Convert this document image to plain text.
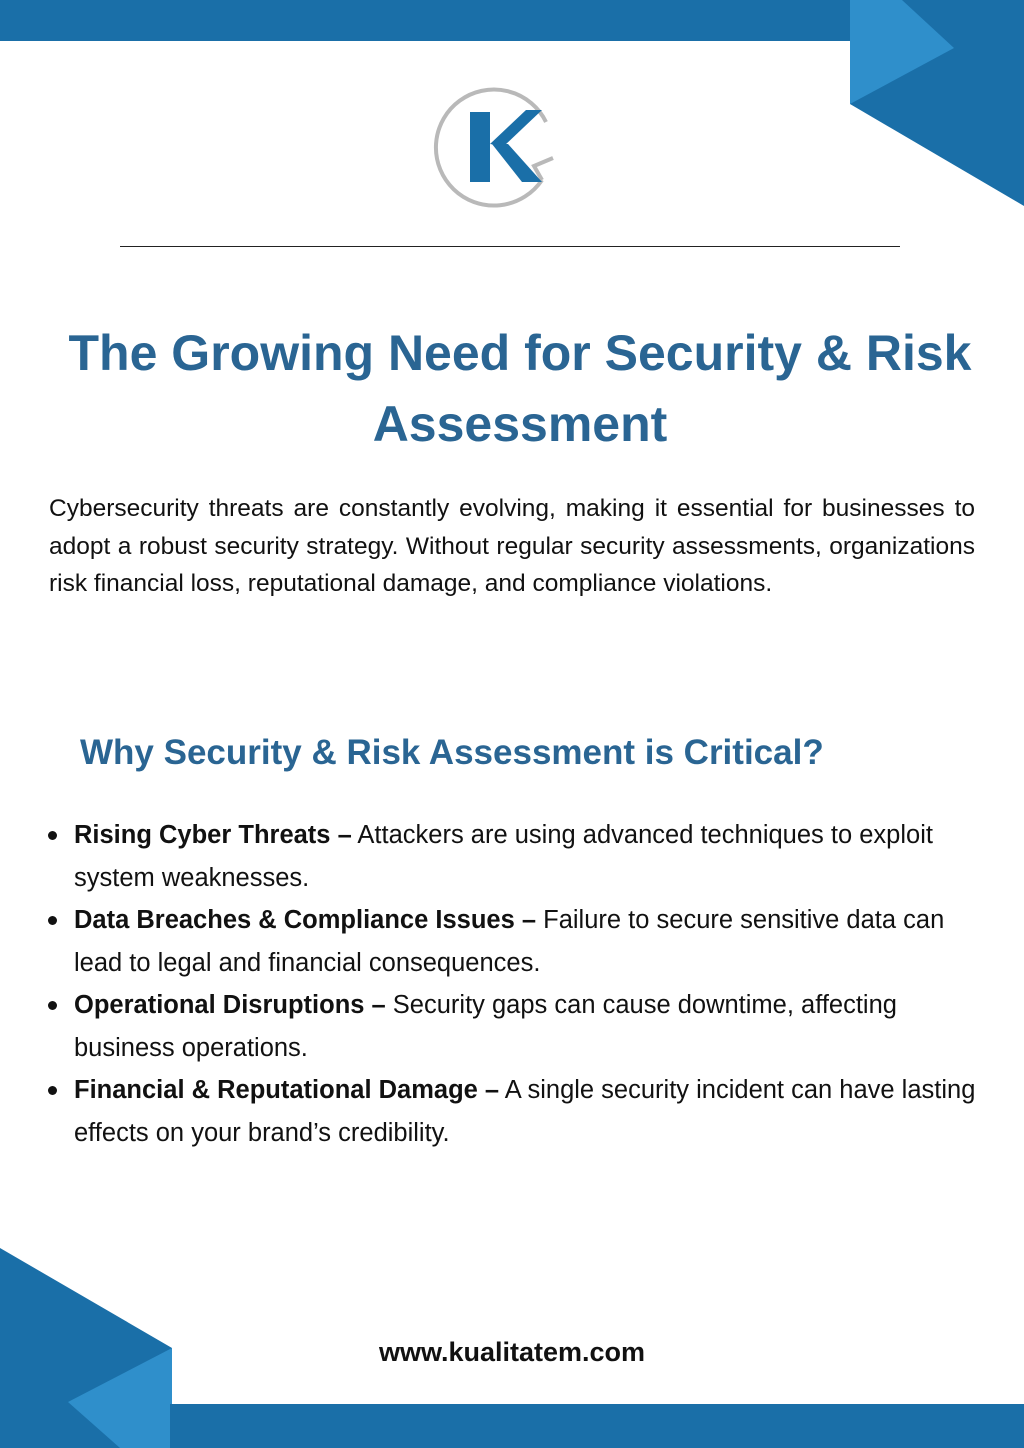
The Growing Need for Security & Risk Assessment

Cybersecurity threats are constantly evolving, making it essential for businesses to adopt a robust security strategy. Without regular security assessments, organizations risk financial loss, reputational damage, and compliance violations.

Why Security & Risk Assessment is Critical?
Rising Cyber Threats – Attackers are using advanced techniques to exploit system weaknesses.
Data Breaches & Compliance Issues – Failure to secure sensitive data can lead to legal and financial consequences.
Operational Disruptions – Security gaps can cause downtime, affecting business operations.
Financial & Reputational Damage – A single security incident can have lasting effects on your brand’s credibility.
www.kualitatem.com
